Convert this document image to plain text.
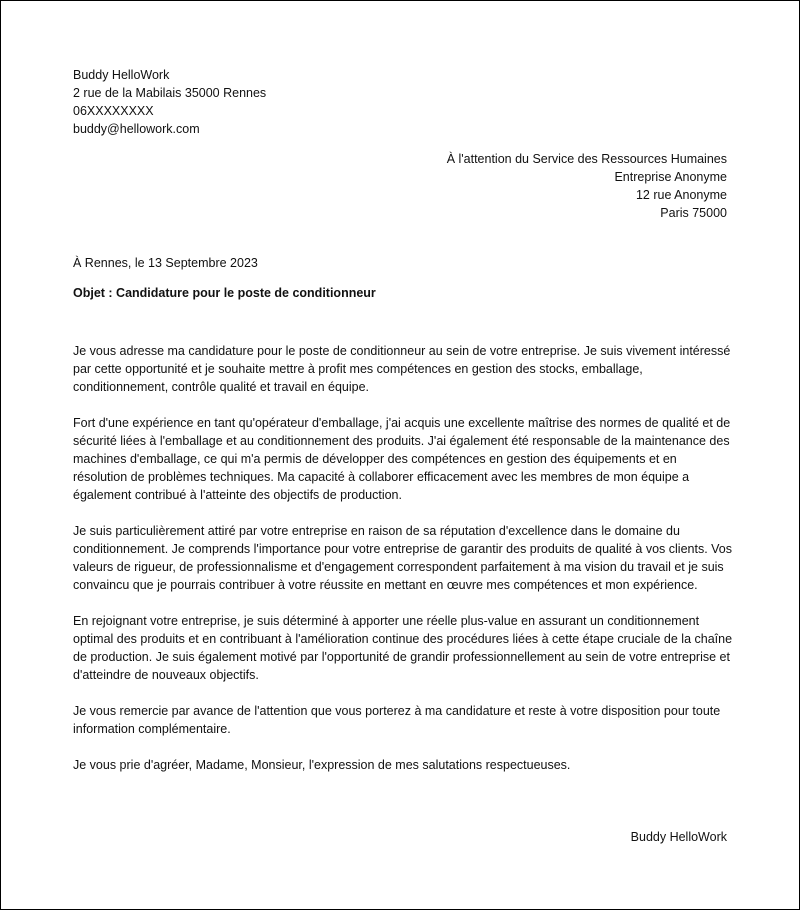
Buddy HelloWork
2 rue de la Mabilais 35000 Rennes
06XXXXXXXX
buddy@hellowork.com
À l'attention du Service des Ressources Humaines
Entreprise Anonyme
12 rue Anonyme
Paris 75000
À Rennes, le 13 Septembre 2023
Objet : Candidature pour le poste de conditionneur

Je vous adresse ma candidature pour le poste de conditionneur au sein de votre entreprise. Je suis vivement intéressé par cette opportunité et je souhaite mettre à profit mes compétences en gestion des stocks, emballage, conditionnement, contrôle qualité et travail en équipe.

Fort d'une expérience en tant qu'opérateur d'emballage, j'ai acquis une excellente maîtrise des normes de qualité et de sécurité liées à l'emballage et au conditionnement des produits. J'ai également été responsable de la maintenance des machines d'emballage, ce qui m'a permis de développer des compétences en gestion des équipements et en résolution de problèmes techniques. Ma capacité à collaborer efficacement avec les membres de mon équipe a également contribué à l'atteinte des objectifs de production.

Je suis particulièrement attiré par votre entreprise en raison de sa réputation d'excellence dans le domaine du conditionnement. Je comprends l'importance pour votre entreprise de garantir des produits de qualité à vos clients. Vos valeurs de rigueur, de professionnalisme et d'engagement correspondent parfaitement à ma vision du travail et je suis convaincu que je pourrais contribuer à votre réussite en mettant en œuvre mes compétences et mon expérience.

En rejoignant votre entreprise, je suis déterminé à apporter une réelle plus-value en assurant un conditionnement optimal des produits et en contribuant à l'amélioration continue des procédures liées à cette étape cruciale de la chaîne de production. Je suis également motivé par l'opportunité de grandir professionnellement au sein de votre entreprise et d'atteindre de nouveaux objectifs.

Je vous remercie par avance de l'attention que vous porterez à ma candidature et reste à votre disposition pour toute information complémentaire.

Je vous prie d'agréer, Madame, Monsieur, l'expression de mes salutations respectueuses.

Buddy HelloWork
